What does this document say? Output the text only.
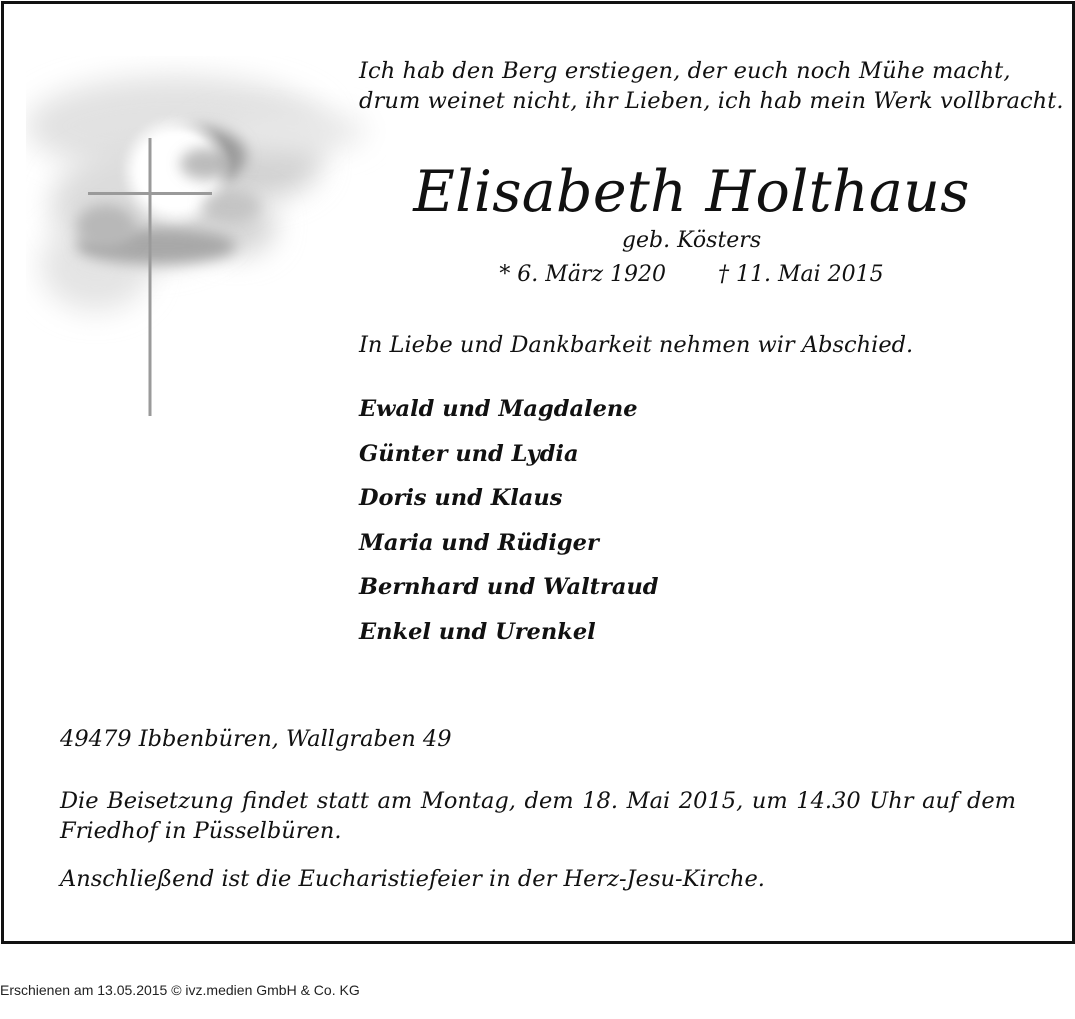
Ich hab den Berg erstiegen, der euch noch Mühe macht,
drum weinet nicht, ihr Lieben, ich hab mein Werk vollbracht.
Elisabeth Holthaus
geb. Kösters
* 6. März 1920 † 11. Mai 2015
In Liebe und Dankbarkeit nehmen wir Abschied.
Ewald und Magdalene
Günter und Lydia
Doris und Klaus
Maria und Rüdiger
Bernhard und Waltraud
Enkel und Urenkel
49479 Ibbenbüren, Wallgraben 49
Die Beisetzung findet statt am Montag, dem 18. Mai 2015, um 14.30 Uhr auf dem Friedhof in Püsselbüren.
Anschließend ist die Eucharistiefeier in der Herz-Jesu-Kirche.
Erschienen am 13.05.2015 © ivz.medien GmbH & Co. KG
